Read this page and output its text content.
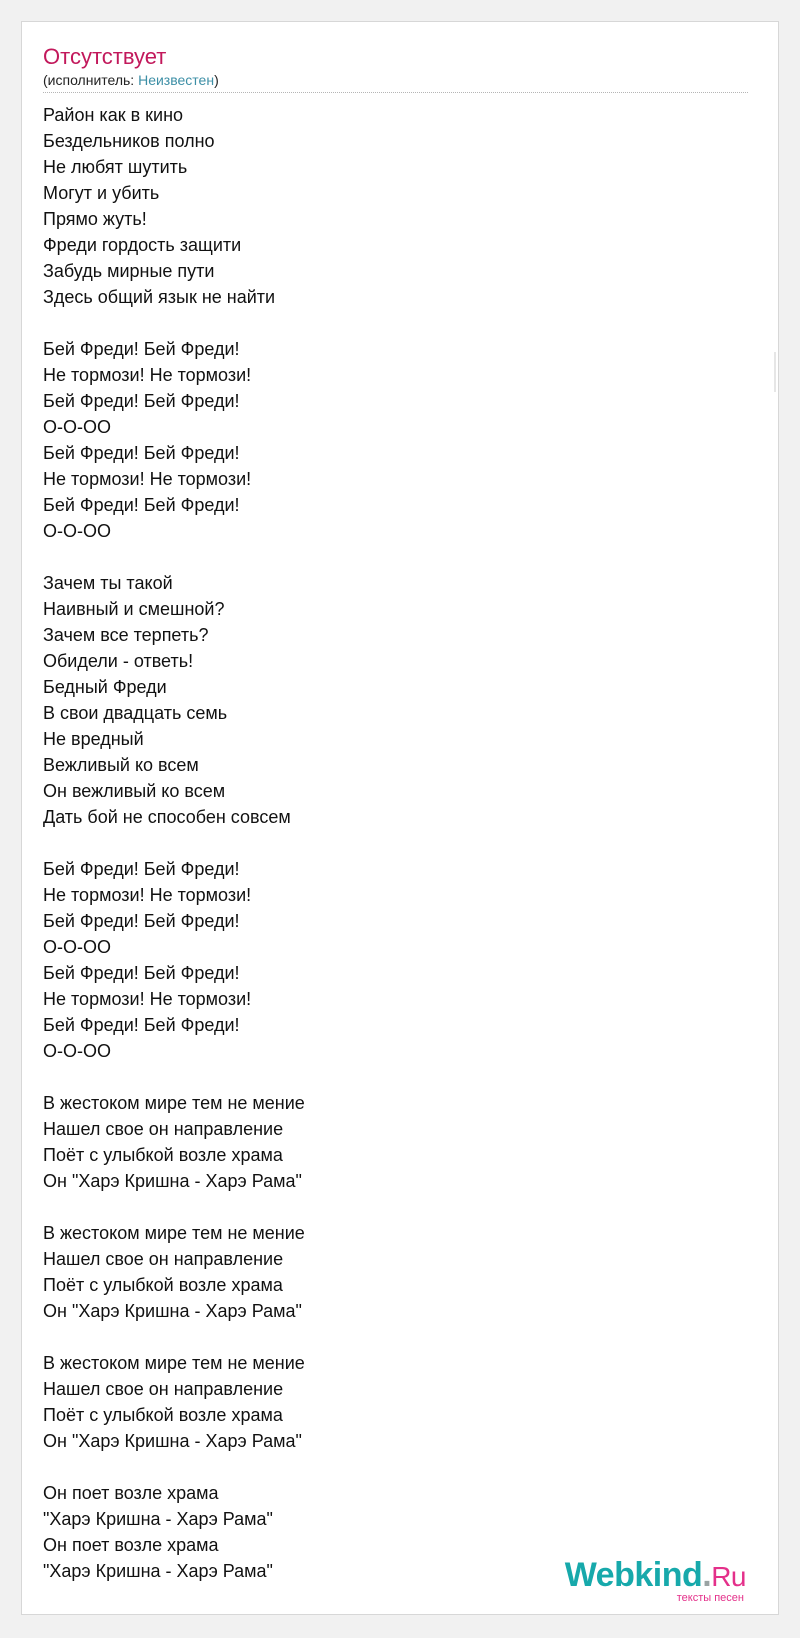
Отсутствует
(исполнитель: Неизвестен)
Район как в кино
Бездельников полно
Не любят шутить
Могут и убить
Прямо жуть!
Фреди гордость защити
Забудь мирные пути
Здесь общий язык не найти
Бей Фреди! Бей Фреди!
Не тормози! Не тормози!
Бей Фреди! Бей Фреди!
О-О-ОО
Бей Фреди! Бей Фреди!
Не тормози! Не тормози!
Бей Фреди! Бей Фреди!
О-О-ОО
Зачем ты такой
Наивный и смешной?
Зачем все терпеть?
Обидели - ответь!
Бедный Фреди
В свои двадцать семь
Не вредный
Вежливый ко всем
Он вежливый ко всем
Дать бой не способен совсем
Бей Фреди! Бей Фреди!
Не тормози! Не тормози!
Бей Фреди! Бей Фреди!
О-О-ОО
Бей Фреди! Бей Фреди!
Не тормози! Не тормози!
Бей Фреди! Бей Фреди!
О-О-ОО
В жестоком мире тем не мение
Нашел свое он направление
Поёт с улыбкой возле храма
Он "Харэ Кришна - Харэ Рама"
В жестоком мире тем не мение
Нашел свое он направление
Поёт с улыбкой возле храма
Он "Харэ Кришна - Харэ Рама"
В жестоком мире тем не мение
Нашел свое он направление
Поёт с улыбкой возле храма
Он "Харэ Кришна - Харэ Рама"
Он поет возле храма
"Харэ Кришна - Харэ Рама"
Он поет возле храма
"Харэ Кришна - Харэ Рама"	Webkind.Ru
тексты песен
